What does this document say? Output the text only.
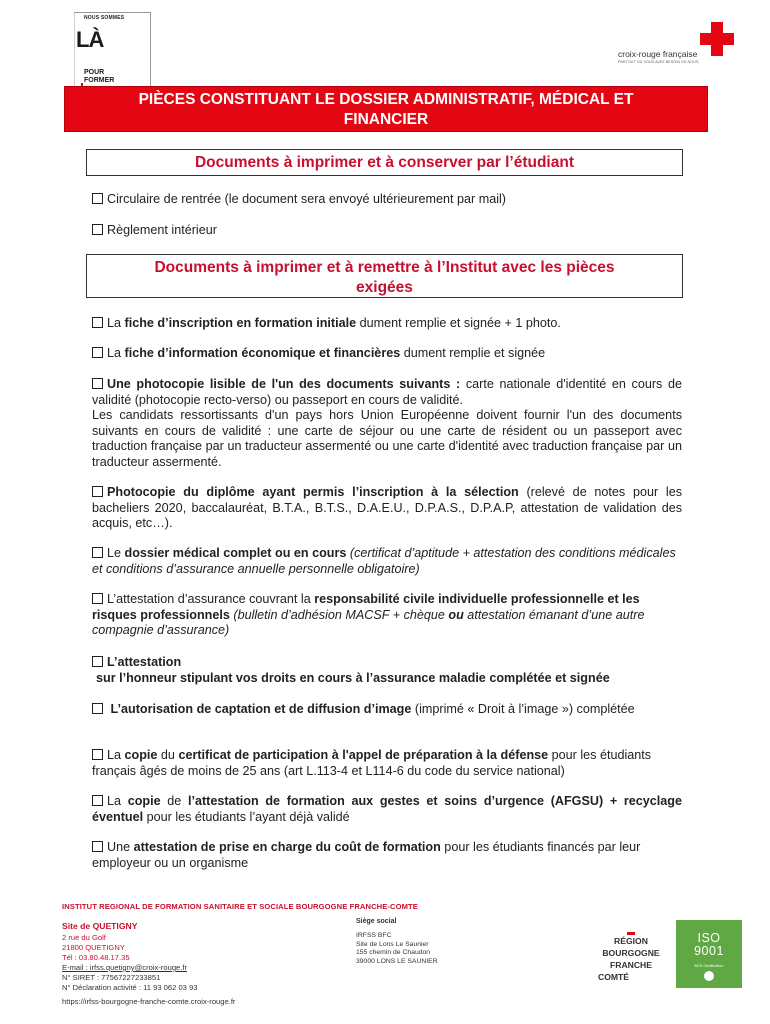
NOUS SOMMES
LÀ
POUR
FORMER
croix-rouge française
PARTOUT OÙ VOUS AVEZ BESOIN DE NOUS
PIÈCES CONSTITUANT LE DOSSIER ADMINISTRATIF, MÉDICAL ET
FINANCIER
Documents à imprimer et à conserver par l’étudiant
Circulaire de rentrée (le document sera envoyé ultérieurement par mail)
Règlement intérieur
Documents à imprimer et à remettre à l’Institut avec les pièces
exigées
La fiche d’inscription en formation initiale dument remplie et signée + 1 photo.
La fiche d’information économique et financières dument remplie et signée
Une photocopie lisible de l'un des documents suivants : carte nationale d'identité en cours de validité (photocopie recto-verso) ou passeport en cours de validité.
Les candidats ressortissants d'un pays hors Union Européenne doivent fournir l'un des documents suivants en cours de validité : une carte de séjour ou une carte de résident ou un passeport avec traduction française par un traducteur assermenté ou une carte d'identité avec traduction française par un traducteur assermenté.
Photocopie du diplôme ayant permis l’inscription à la sélection (relevé de notes pour les bacheliers 2020, baccalauréat, B.T.A., B.T.S., D.A.E.U., D.P.A.S., D.P.A.P, attestation de validation des acquis, etc…).
Le dossier médical complet ou en cours (certificat d’aptitude + attestation des conditions médicales et conditions d’assurance annuelle personnelle obligatoire)
L’attestation d’assurance couvrant la responsabilité civile individuelle professionnelle et les risques professionnels (bulletin d’adhésion MACSF + chèque ou attestation émanant d’une autre compagnie d’assurance)
L’attestation
sur l’honneur stipulant vos droits en cours à l’assurance maladie complétée et signée
L’autorisation de captation et de diffusion d’image (imprimé « Droit à l’image ») complétée
La copie du certificat de participation à l'appel de préparation à la défense pour les étudiants français âgés de moins de 25 ans (art L.113-4 et L114-6 du code du service national)
La copie de l’attestation de formation aux gestes et soins d’urgence (AFGSU) + recyclage éventuel pour les étudiants l’ayant déjà validé
Une attestation de prise en charge du coût de formation pour les étudiants financés par leur employeur ou un organisme
INSTITUT REGIONAL DE FORMATION SANITAIRE ET SOCIALE BOURGOGNE FRANCHE-COMTE
Site de QUETIGNY
2 rue du Golf
21800 QUETIGNY
Tél : 03.80.48.17.35
E-mail : irfss.quetigny@croix-rouge.fr
N° SIRET : 77567227233851
N° Déclaration activité : 11 93 062 03 93
https://irfss-bourgogne-franche-comte.croix-rouge.fr
Siège social
IRFSS BFC
Site de Lons Le Saunier
155 chemin de Chaudon
39000 LONS LE SAUNIER
RÉGION
BOURGOGNE
FRANCHE
COMTÉ
ISO
9001
BCS Certification
